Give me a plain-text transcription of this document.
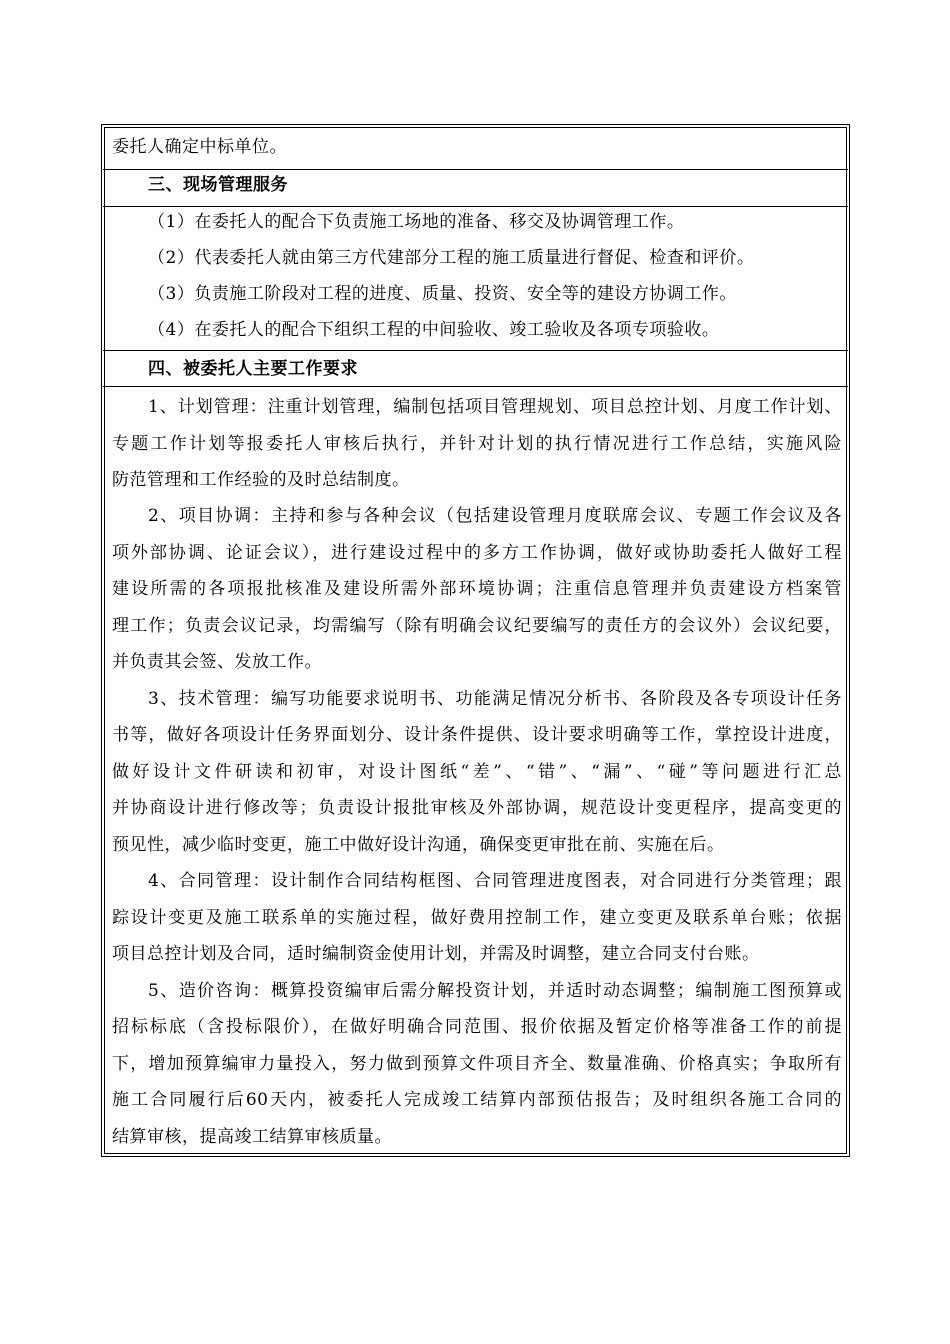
委托人确定中标单位。
三、现场管理服务
（1）在委托人的配合下负责施工场地的准备、移交及协调管理工作。
（2）代表委托人就由第三方代建部分工程的施工质量进行督促、检查和评价。
（3）负责施工阶段对工程的进度、质量、投资、安全等的建设方协调工作。
（4）在委托人的配合下组织工程的中间验收、竣工验收及各项专项验收。
四、被委托人主要工作要求
1、计划管理：注重计划管理，编制包括项目管理规划、项目总控计划、月度工作计划、
专题工作计划等报委托人审核后执行，并针对计划的执行情况进行工作总结，实施风险
防范管理和工作经验的及时总结制度。
2、项目协调：主持和参与各种会议（包括建设管理月度联席会议、专题工作会议及各
项外部协调、论证会议），进行建设过程中的多方工作协调，做好或协助委托人做好工程
建设所需的各项报批核准及建设所需外部环境协调；注重信息管理并负责建设方档案管
理工作；负责会议记录，均需编写（除有明确会议纪要编写的责任方的会议外）会议纪要，
并负责其会签、发放工作。
3、技术管理：编写功能要求说明书、功能满足情况分析书、各阶段及各专项设计任务
书等，做好各项设计任务界面划分、设计条件提供、设计要求明确等工作，掌控设计进度，
做好设计文件研读和初审，对设计图纸“差”、“错”、“漏”、“碰”等问题进行汇总
并协商设计进行修改等；负责设计报批审核及外部协调，规范设计变更程序，提高变更的
预见性，减少临时变更，施工中做好设计沟通，确保变更审批在前、实施在后。
4、合同管理：设计制作合同结构框图、合同管理进度图表，对合同进行分类管理；跟
踪设计变更及施工联系单的实施过程，做好费用控制工作，建立变更及联系单台账；依据
项目总控计划及合同，适时编制资金使用计划，并需及时调整，建立合同支付台账。
5、造价咨询：概算投资编审后需分解投资计划，并适时动态调整；编制施工图预算或
招标标底（含投标限价），在做好明确合同范围、报价依据及暂定价格等准备工作的前提
下，增加预算编审力量投入，努力做到预算文件项目齐全、数量准确、价格真实；争取所有
施工合同履行后60天内，被委托人完成竣工结算内部预估报告；及时组织各施工合同的
结算审核，提高竣工结算审核质量。
